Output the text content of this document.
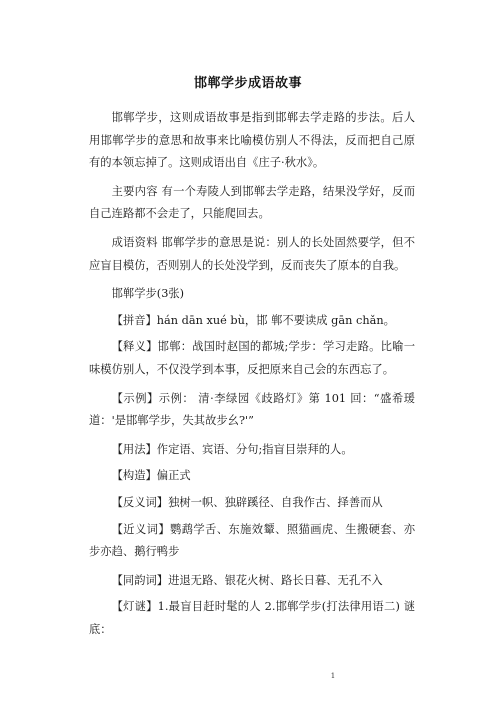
邯郸学步成语故事

邯郸学步，这则成语故事是指到邯郸去学走路的步法。后人用邯郸学步的意思和故事来比喻模仿别人不得法，反而把自己原有的本领忘掉了。这则成语出自《庄子·秋水》。

主要内容 有一个寿陵人到邯郸去学走路，结果没学好，反而自己连路都不会走了，只能爬回去。

成语资料 邯郸学步的意思是说：别人的长处固然要学，但不应盲目模仿，否则别人的长处没学到，反而丧失了原本的自我。

邯郸学步(3张)

【拼音】hán dān xué bù，邯 郸不要读成 gān chǎn。

【释义】邯郸：战国时赵国的都城;学步：学习走路。比喻一味模仿别人，不仅没学到本事，反把原来自己会的东西忘了。

【示例】示例： 清·李绿园《歧路灯》第 101 回：“盛希瑗道：'是邯郸学步，失其故步幺?'”

【用法】作定语、宾语、分句;指盲目崇拜的人。

【构造】偏正式

【反义词】独树一帜、独辟蹊径、自我作古、择善而从

【近义词】鹦鹉学舌、东施效颦、照猫画虎、生搬硬套、亦步亦趋、鹅行鸭步

【同韵词】进退无路、银花火树、路长日暮、无孔不入

【灯谜】1.最盲目赶时髦的人 2.邯郸学步(打法律用语二) 谜底：

1
